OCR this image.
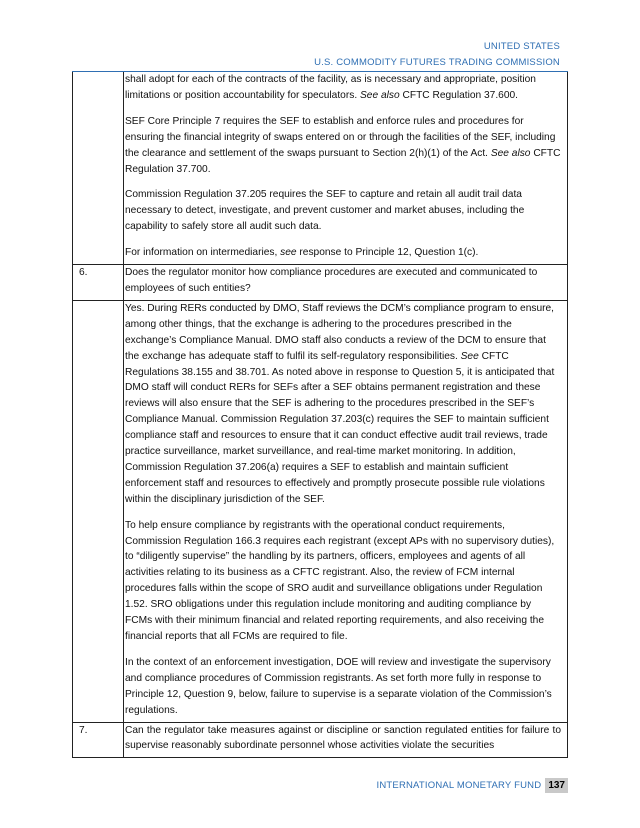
UNITED STATES
U.S. COMMODITY FUTURES TRADING COMMISSION

	shall adopt for each of the contracts of the facility, as is necessary and appropriate, position limitations or position accountability for speculators. See also CFTC Regulation 37.600.

SEF Core Principle 7 requires the SEF to establish and enforce rules and procedures for ensuring the financial integrity of swaps entered on or through the facilities of the SEF, including the clearance and settlement of the swaps pursuant to Section 2(h)(1) of the Act. See also CFTC Regulation 37.700.

Commission Regulation 37.205 requires the SEF to capture and retain all audit trail data necessary to detect, investigate, and prevent customer and market abuses, including the capability to safely store all audit such data.

For information on intermediaries, see response to Principle 12, Question 1(c).

6.	Does the regulator monitor how compliance procedures are executed and communicated to employees of such entities?

	Yes. During RERs conducted by DMO, Staff reviews the DCM’s compliance program to ensure, among other things, that the exchange is adhering to the procedures prescribed in the exchange’s Compliance Manual. DMO staff also conducts a review of the DCM to ensure that the exchange has adequate staff to fulfil its self-regulatory responsibilities. See CFTC Regulations 38.155 and 38.701. As noted above in response to Question 5, it is anticipated that DMO staff will conduct RERs for SEFs after a SEF obtains permanent registration and these reviews will also ensure that the SEF is adhering to the procedures prescribed in the SEF’s Compliance Manual. Commission Regulation 37.203(c) requires the SEF to maintain sufficient compliance staff and resources to ensure that it can conduct effective audit trail reviews, trade practice surveillance, market surveillance, and real-time market monitoring. In addition, Commission Regulation 37.206(a) requires a SEF to establish and maintain sufficient enforcement staff and resources to effectively and promptly prosecute possible rule violations within the disciplinary jurisdiction of the SEF.

To help ensure compliance by registrants with the operational conduct requirements, Commission Regulation 166.3 requires each registrant (except APs with no supervisory duties), to “diligently supervise” the handling by its partners, officers, employees and agents of all activities relating to its business as a CFTC registrant. Also, the review of FCM internal procedures falls within the scope of SRO audit and surveillance obligations under Regulation 1.52. SRO obligations under this regulation include monitoring and auditing compliance by FCMs with their minimum financial and related reporting requirements, and also receiving the financial reports that all FCMs are required to file.

In the context of an enforcement investigation, DOE will review and investigate the supervisory and compliance procedures of Commission registrants. As set forth more fully in response to Principle 12, Question 9, below, failure to supervise is a separate violation of the Commission’s regulations.

7.	Can the regulator take measures against or discipline or sanction regulated entities for failure to supervise reasonably subordinate personnel whose activities violate the securities
INTERNATIONAL MONETARY FUND 137
